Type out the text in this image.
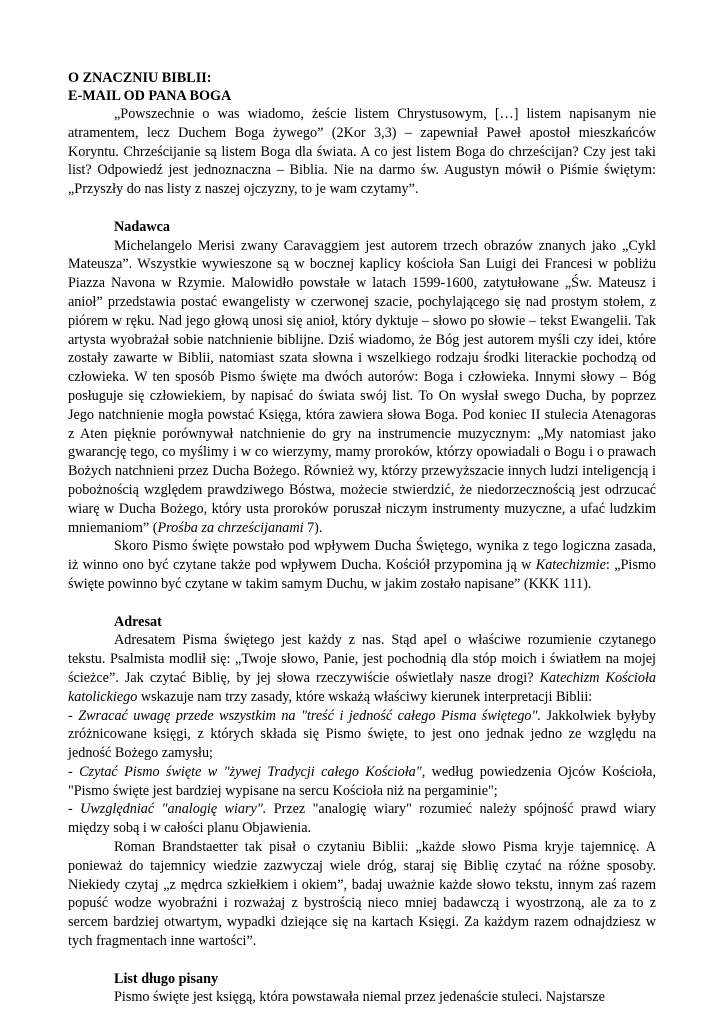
O ZNACZNIU BIBLII:

E-MAIL OD PANA BOGA

„Powszechnie o was wiadomo, żeście listem Chrystusowym, […] listem napisanym nie atramentem, lecz Duchem Boga żywego” (2Kor 3,3) – zapewniał Paweł apostoł mieszkańców Koryntu. Chrześcijanie są listem Boga dla świata. A co jest listem Boga do chrześcijan? Czy jest taki list? Odpowiedź jest jednoznaczna – Biblia. Nie na darmo św. Augustyn mówił o Piśmie świętym: „Przyszły do nas listy z naszej ojczyzny, to je wam czytamy”.

Nadawca

Michelangelo Merisi zwany Caravaggiem jest autorem trzech obrazów znanych jako „Cykl Mateusza”. Wszystkie wywieszone są w bocznej kaplicy kościoła San Luigi dei Francesi w pobliżu Piazza Navona w Rzymie. Malowidło powstałe w latach 1599-1600, zatytułowane „Św. Mateusz i anioł” przedstawia postać ewangelisty w czerwonej szacie, pochylającego się nad prostym stołem, z piórem w ręku. Nad jego głową unosi się anioł, który dyktuje – słowo po słowie – tekst Ewangelii. Tak artysta wyobrażał sobie natchnienie biblijne. Dziś wiadomo, że Bóg jest autorem myśli czy idei, które zostały zawarte w Biblii, natomiast szata słowna i wszelkiego rodzaju środki literackie pochodzą od człowieka. W ten sposób Pismo święte ma dwóch autorów: Boga i człowieka. Innymi słowy – Bóg posługuje się człowiekiem, by napisać do świata swój list. To On wysłał swego Ducha, by poprzez Jego natchnienie mogła powstać Księga, która zawiera słowa Boga. Pod koniec II stulecia Atenagoras z Aten pięknie porównywał natchnienie do gry na instrumencie muzycznym: „My natomiast jako gwarancję tego, co myślimy i w co wierzymy, mamy proroków, którzy opowiadali o Bogu i o prawach Bożych natchnieni przez Ducha Bożego. Również wy, którzy przewyższacie innych ludzi inteligencją i pobożnością względem prawdziwego Bóstwa, możecie stwierdzić, że niedorzecznością jest odrzucać wiarę w Ducha Bożego, który usta proroków poruszał niczym instrumenty muzyczne, a ufać ludzkim mniemaniom” (Prośba za chrześcijanami 7).

Skoro Pismo święte powstało pod wpływem Ducha Świętego, wynika z tego logiczna zasada, iż winno ono być czytane także pod wpływem Ducha. Kościół przypomina ją w Katechizmie: „Pismo święte powinno być czytane w takim samym Duchu, w jakim zostało napisane” (KKK 111).

Adresat

Adresatem Pisma świętego jest każdy z nas. Stąd apel o właściwe rozumienie czytanego tekstu. Psalmista modlił się: „Twoje słowo, Panie, jest pochodnią dla stóp moich i światłem na mojej ścieżce”. Jak czytać Biblię, by jej słowa rzeczywiście oświetlały nasze drogi? Katechizm Kościoła katolickiego wskazuje nam trzy zasady, które wskażą właściwy kierunek interpretacji Biblii:

- Zwracać uwagę przede wszystkim na "treść i jedność całego Pisma świętego". Jakkolwiek byłyby zróżnicowane księgi, z których składa się Pismo święte, to jest ono jednak jedno ze względu na jedność Bożego zamysłu;

- Czytać Pismo święte w "żywej Tradycji całego Kościoła", według powiedzenia Ojców Kościoła, "Pismo święte jest bardziej wypisane na sercu Kościoła niż na pergaminie";

- Uwzględniać "analogię wiary". Przez "analogię wiary" rozumieć należy spójność prawd wiary między sobą i w całości planu Objawienia.

Roman Brandstaetter tak pisał o czytaniu Biblii: „każde słowo Pisma kryje tajemnicę. A ponieważ do tajemnicy wiedzie zazwyczaj wiele dróg, staraj się Biblię czytać na różne sposoby. Niekiedy czytaj „z mędrca szkiełkiem i okiem”, badaj uważnie każde słowo tekstu, innym zaś razem popuść wodze wyobraźni i rozważaj z bystrością nieco mniej badawczą i wyostrzoną, ale za to z sercem bardziej otwartym, wypadki dziejące się na kartach Księgi. Za każdym razem odnajdziesz w tych fragmentach inne wartości”.

List długo pisany

Pismo święte jest księgą, która powstawała niemal przez jedenaście stuleci. Najstarsze
